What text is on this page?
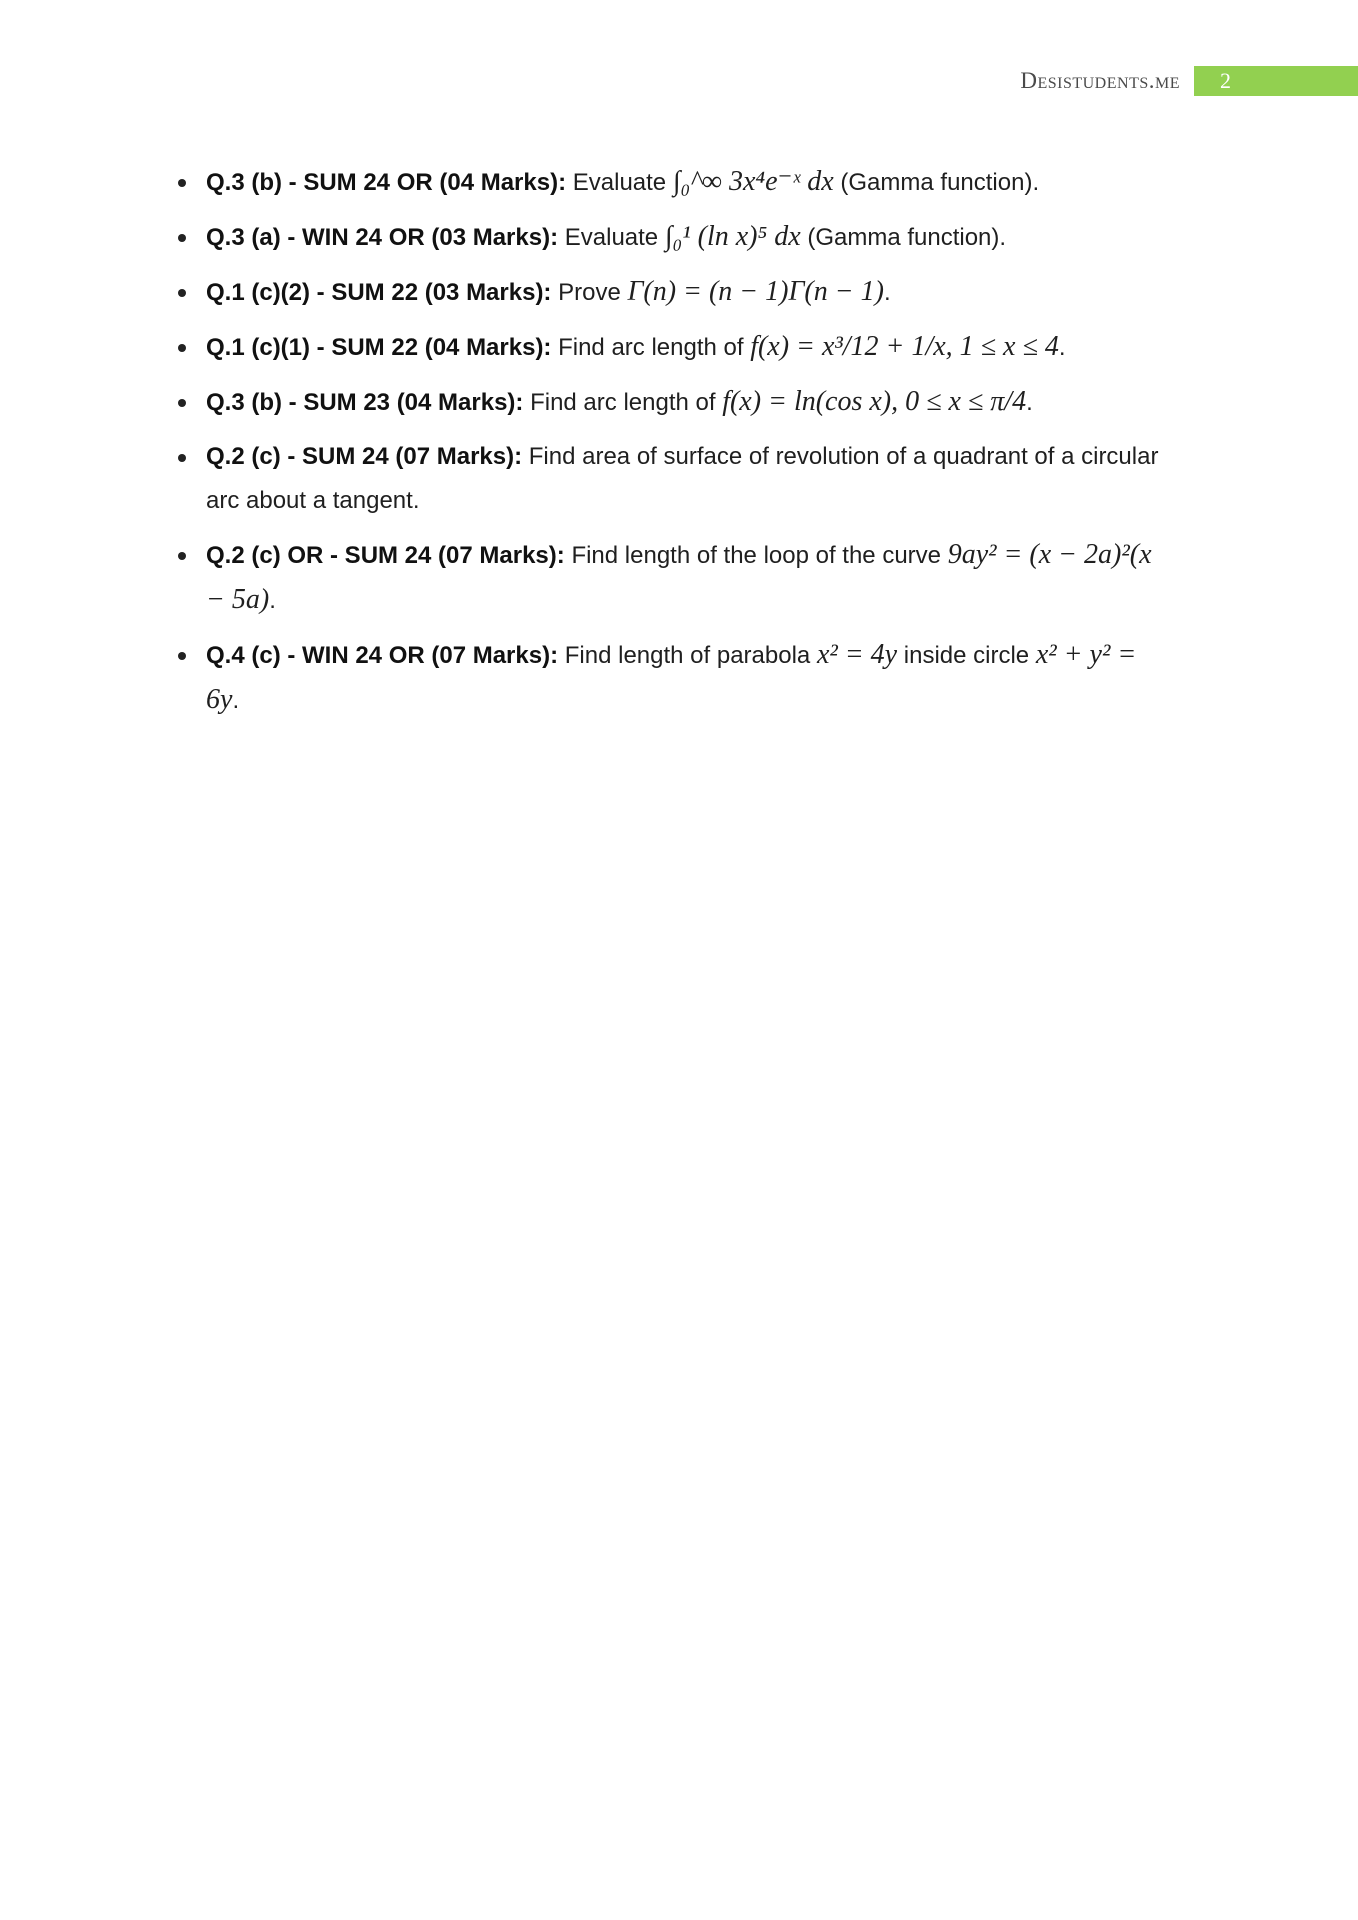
Desistudents.me	2
Q.3 (b) - SUM 24 OR (04 Marks): Evaluate ∫₀^∞ 3x⁴e⁻ˣ dx (Gamma function).
Q.3 (a) - WIN 24 OR (03 Marks): Evaluate ∫₀¹ (ln x)⁵ dx (Gamma function).
Q.1 (c)(2) - SUM 22 (03 Marks): Prove Γ(n) = (n − 1)Γ(n − 1).
Q.1 (c)(1) - SUM 22 (04 Marks): Find arc length of f(x) = x³/12 + 1/x, 1 ≤ x ≤ 4.
Q.3 (b) - SUM 23 (04 Marks): Find arc length of f(x) = ln(cos x), 0 ≤ x ≤ π/4.
Q.2 (c) - SUM 24 (07 Marks): Find area of surface of revolution of a quadrant of a circular arc about a tangent.
Q.2 (c) OR - SUM 24 (07 Marks): Find length of the loop of the curve 9ay² = (x − 2a)²(x − 5a).
Q.4 (c) - WIN 24 OR (07 Marks): Find length of parabola x² = 4y inside circle x² + y² = 6y.
